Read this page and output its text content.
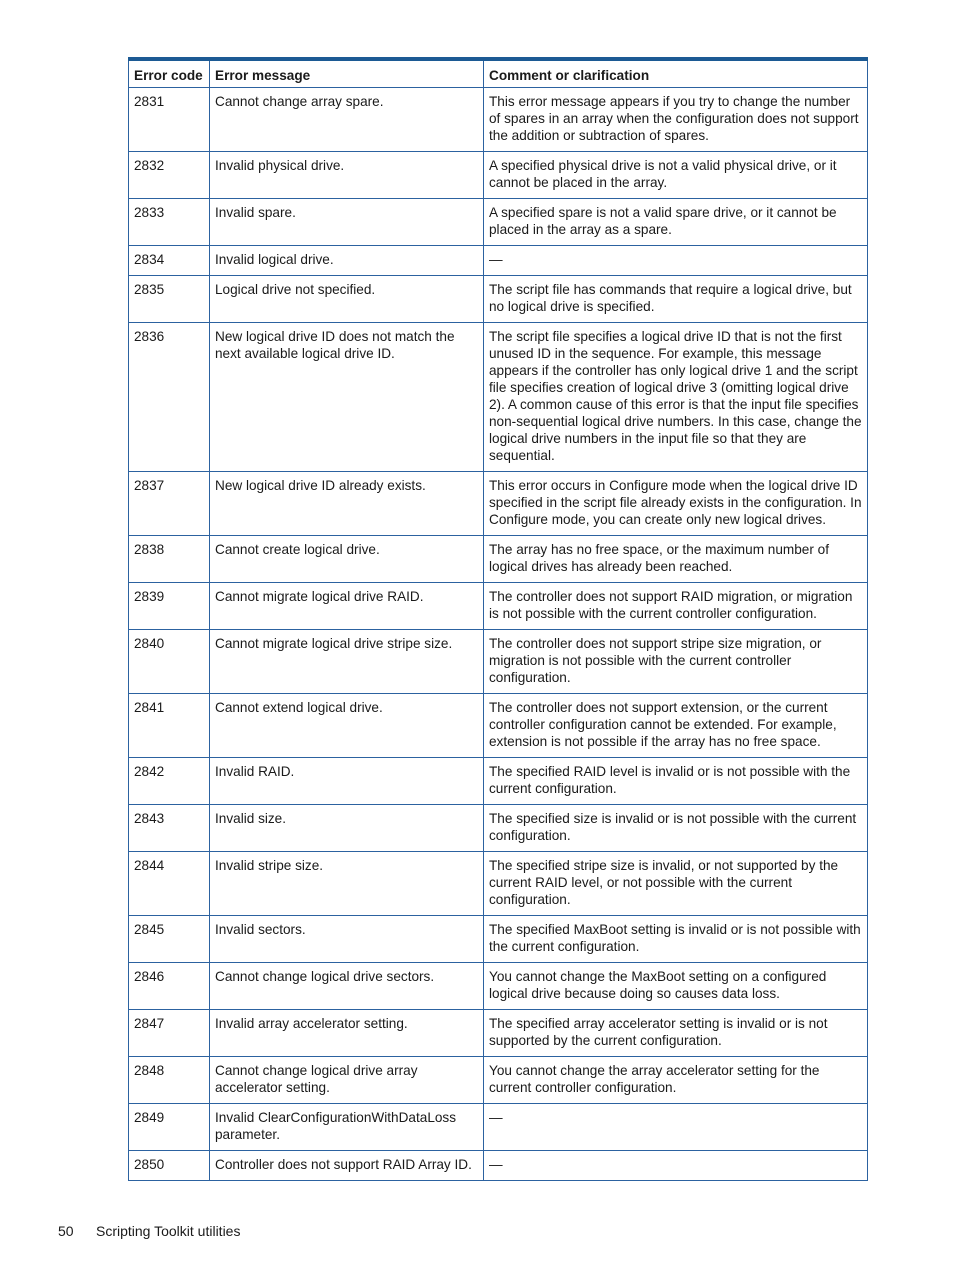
Error code	Error message	Comment or clarification
2831	Cannot change array spare.	This error message appears if you try to change the number of spares in an array when the configuration does not support the addition or subtraction of spares.
2832	Invalid physical drive.	A specified physical drive is not a valid physical drive, or it cannot be placed in the array.
2833	Invalid spare.	A specified spare is not a valid spare drive, or it cannot be placed in the array as a spare.
2834	Invalid logical drive.	—
2835	Logical drive not specified.	The script file has commands that require a logical drive, but no logical drive is specified.
2836	New logical drive ID does not match the next available logical drive ID.	The script file specifies a logical drive ID that is not the first unused ID in the sequence. For example, this message appears if the controller has only logical drive 1 and the script file specifies creation of logical drive 3 (omitting logical drive 2). A common cause of this error is that the input file specifies non-sequential logical drive numbers. In this case, change the logical drive numbers in the input file so that they are sequential.
2837	New logical drive ID already exists.	This error occurs in Configure mode when the logical drive ID specified in the script file already exists in the configuration. In Configure mode, you can create only new logical drives.
2838	Cannot create logical drive.	The array has no free space, or the maximum number of logical drives has already been reached.
2839	Cannot migrate logical drive RAID.	The controller does not support RAID migration, or migration is not possible with the current controller configuration.
2840	Cannot migrate logical drive stripe size.	The controller does not support stripe size migration, or migration is not possible with the current controller configuration.
2841	Cannot extend logical drive.	The controller does not support extension, or the current controller configuration cannot be extended. For example, extension is not possible if the array has no free space.
2842	Invalid RAID.	The specified RAID level is invalid or is not possible with the current configuration.
2843	Invalid size.	The specified size is invalid or is not possible with the current configuration.
2844	Invalid stripe size.	The specified stripe size is invalid, or not supported by the current RAID level, or not possible with the current configuration.
2845	Invalid sectors.	The specified MaxBoot setting is invalid or is not possible with the current configuration.
2846	Cannot change logical drive sectors.	You cannot change the MaxBoot setting on a configured logical drive because doing so causes data loss.
2847	Invalid array accelerator setting.	The specified array accelerator setting is invalid or is not supported by the current configuration.
2848	Cannot change logical drive array accelerator setting.	You cannot change the array accelerator setting for the current controller configuration.
2849	Invalid ClearConfigurationWithDataLoss parameter.	—
2850	Controller does not support RAID Array ID.	—
50 Scripting Toolkit utilities
